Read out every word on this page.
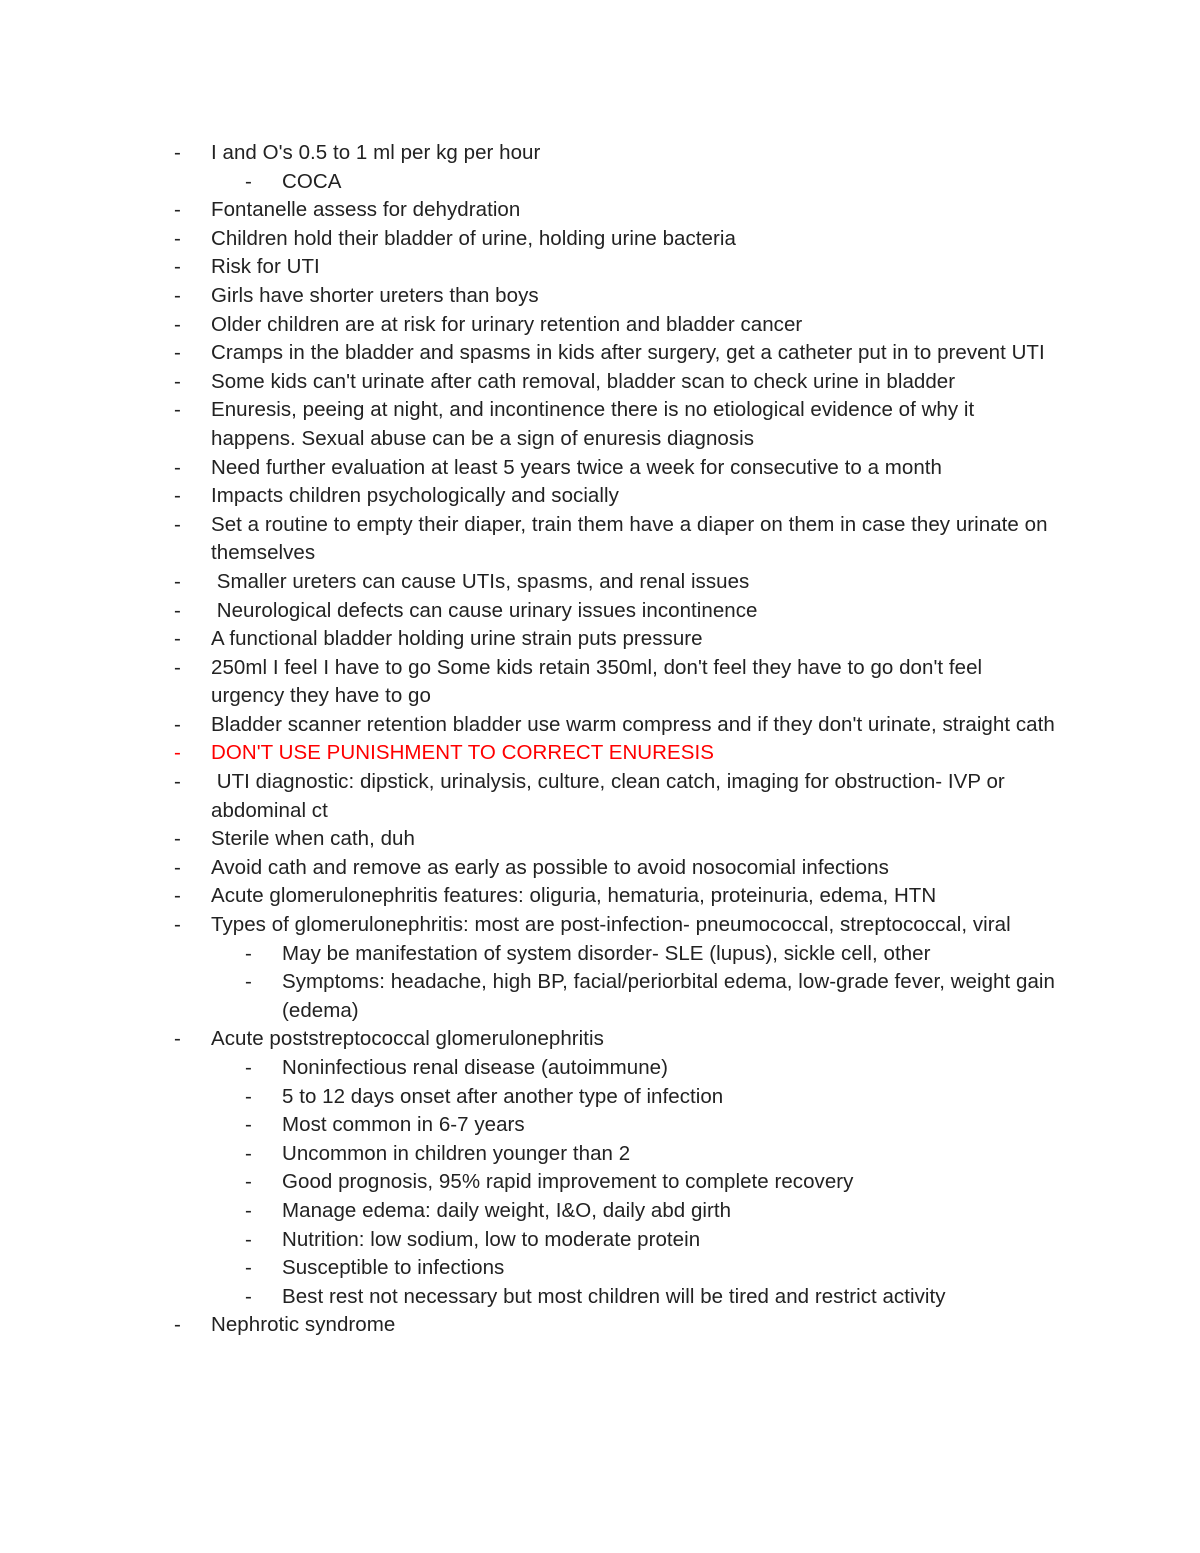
- I and O's 0.5 to 1 ml per kg per hour
- COCA
- Fontanelle assess for dehydration
- Children hold their bladder of urine, holding urine bacteria
- Risk for UTI
- Girls have shorter ureters than boys
- Older children are at risk for urinary retention and bladder cancer
- Cramps in the bladder and spasms in kids after surgery, get a catheter put in to prevent UTI
- Some kids can't urinate after cath removal, bladder scan to check urine in bladder
- Enuresis, peeing at night, and incontinence there is no etiological evidence of why it happens. Sexual abuse can be a sign of enuresis diagnosis
- Need further evaluation at least 5 years twice a week for consecutive to a month
- Impacts children psychologically and socially
- Set a routine to empty their diaper, train them have a diaper on them in case they urinate on themselves
- Smaller ureters can cause UTIs, spasms, and renal issues
- Neurological defects can cause urinary issues incontinence
- A functional bladder holding urine strain puts pressure
- 250ml I feel I have to go Some kids retain 350ml, don't feel they have to go don't feel urgency they have to go
- Bladder scanner retention bladder use warm compress and if they don't urinate, straight cath
- DON'T USE PUNISHMENT TO CORRECT ENURESIS
- UTI diagnostic: dipstick, urinalysis, culture, clean catch, imaging for obstruction- IVP or abdominal ct
- Sterile when cath, duh
- Avoid cath and remove as early as possible to avoid nosocomial infections
- Acute glomerulonephritis features: oliguria, hematuria, proteinuria, edema, HTN
- Types of glomerulonephritis: most are post-infection- pneumococcal, streptococcal, viral
- May be manifestation of system disorder- SLE (lupus), sickle cell, other
- Symptoms: headache, high BP, facial/periorbital edema, low-grade fever, weight gain (edema)
- Acute poststreptococcal glomerulonephritis
- Noninfectious renal disease (autoimmune)
- 5 to 12 days onset after another type of infection
- Most common in 6-7 years
- Uncommon in children younger than 2
- Good prognosis, 95% rapid improvement to complete recovery
- Manage edema: daily weight, I&O, daily abd girth
- Nutrition: low sodium, low to moderate protein
- Susceptible to infections
- Best rest not necessary but most children will be tired and restrict activity
- Nephrotic syndrome
